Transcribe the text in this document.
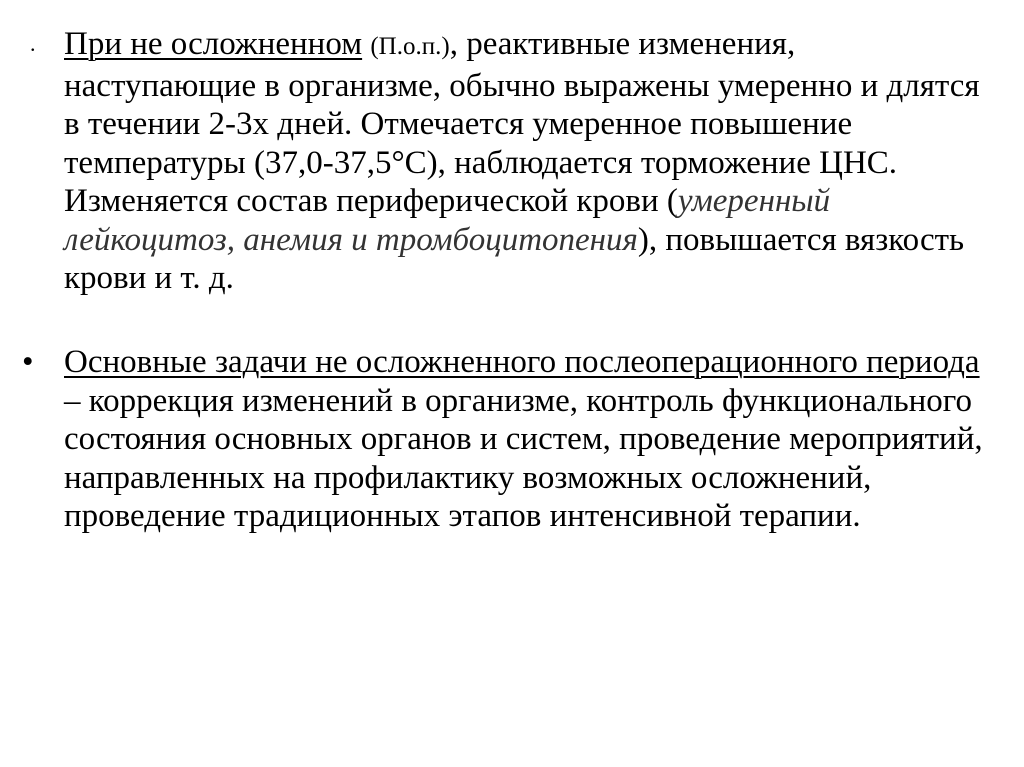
. При не осложненном (П.о.п.), реактивные изменения, наступающие в организме, обычно выражены умеренно и длятся в течении 2-3х дней. Отмечается умеренное повышение температуры (37,0-37,5°С), наблюдается торможение ЦНС. Изменяется состав периферической крови (умеренный лейкоцитоз, анемия и тромбоцитопения), повышается вязкость крови и т. д.

• Основные задачи не осложненного послеоперационного периода – коррекция изменений в организме, контроль функционального состояния основных органов и систем, проведение мероприятий, направленных на профилактику возможных осложнений, проведение традиционных этапов интенсивной терапии.
